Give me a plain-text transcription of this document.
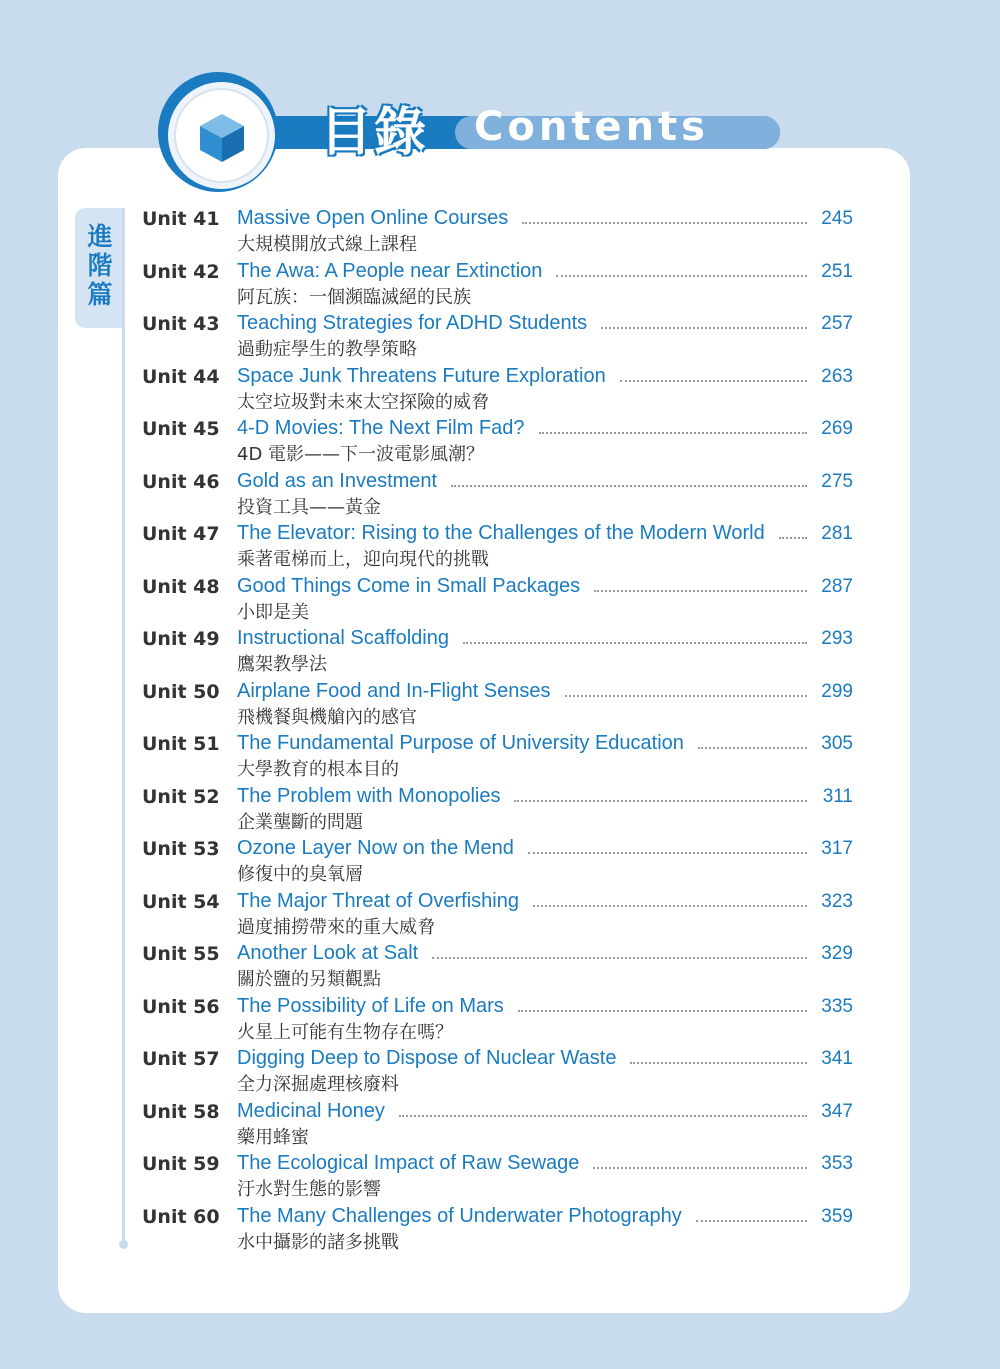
目錄 Contents
進階篇
Unit 41 Massive Open Online Courses
大規模開放式線上課程
245
Unit 42 The Awa: A People near Extinction
阿瓦族：一個瀕臨滅絕的民族
251
Unit 43 Teaching Strategies for ADHD Students
過動症學生的教學策略
257
Unit 44 Space Junk Threatens Future Exploration
太空垃圾對未來太空探險的威脅
263
Unit 45 4-D Movies: The Next Film Fad?
4D 電影——下一波電影風潮？
269
Unit 46 Gold as an Investment
投資工具——黃金
275
Unit 47 The Elevator: Rising to the Challenges of the Modern World
乘著電梯而上，迎向現代的挑戰
281
Unit 48 Good Things Come in Small Packages
小即是美
287
Unit 49 Instructional Scaffolding
鷹架教學法
293
Unit 50 Airplane Food and In-Flight Senses
飛機餐與機艙內的感官
299
Unit 51 The Fundamental Purpose of University Education
大學教育的根本目的
305
Unit 52 The Problem with Monopolies
企業壟斷的問題
311
Unit 53 Ozone Layer Now on the Mend
修復中的臭氧層
317
Unit 54 The Major Threat of Overfishing
過度捕撈帶來的重大威脅
323
Unit 55 Another Look at Salt
關於鹽的另類觀點
329
Unit 56 The Possibility of Life on Mars
火星上可能有生物存在嗎？
335
Unit 57 Digging Deep to Dispose of Nuclear Waste
全力深掘處理核廢料
341
Unit 58 Medicinal Honey
藥用蜂蜜
347
Unit 59 The Ecological Impact of Raw Sewage
汙水對生態的影響
353
Unit 60 The Many Challenges of Underwater Photography
水中攝影的諸多挑戰
359
